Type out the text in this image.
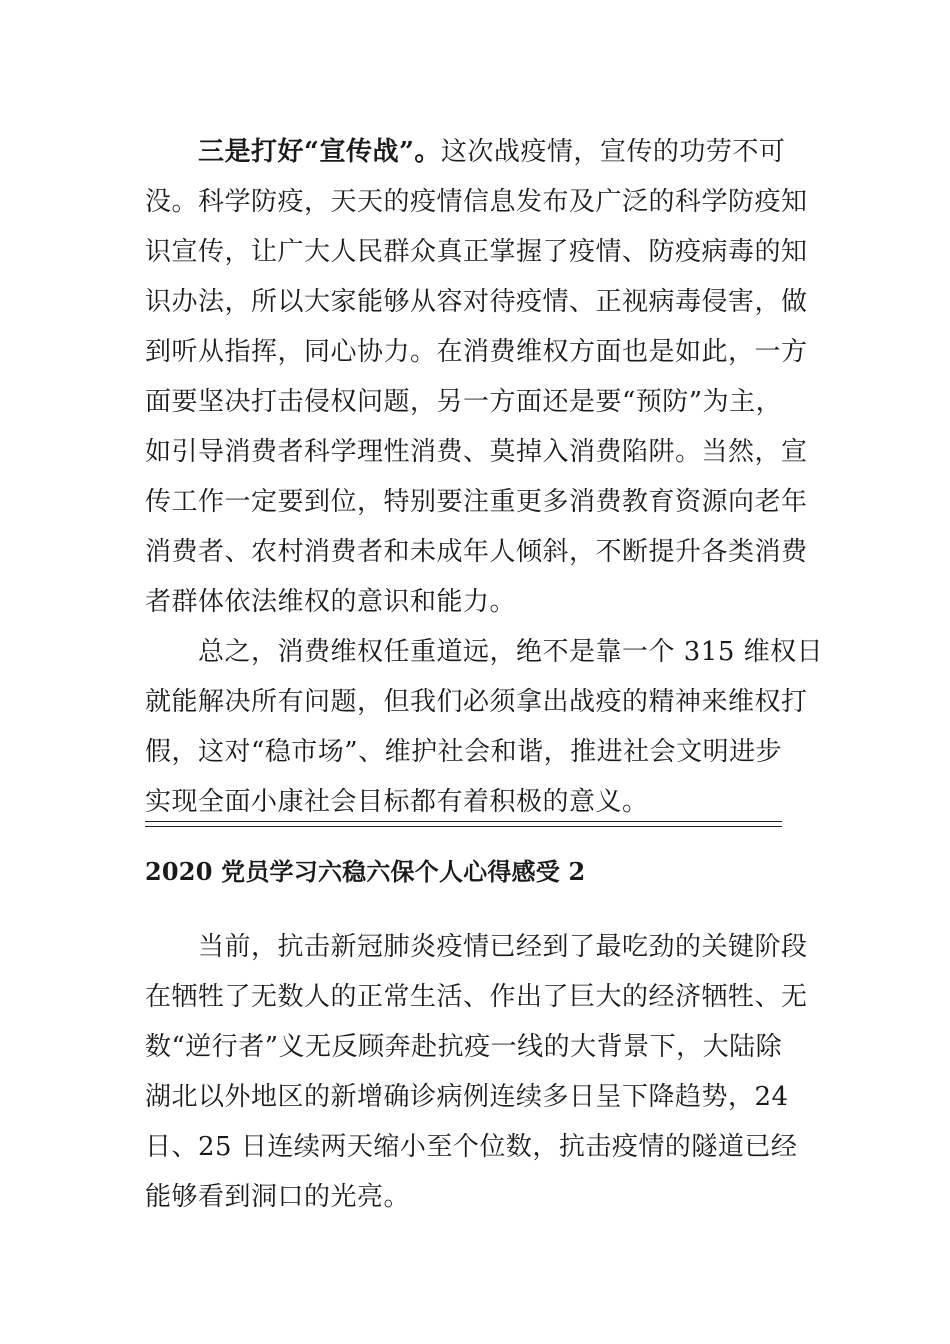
三是打好“宣传战”。这次战疫情，宣传的功劳不可
没。科学防疫，天天的疫情信息发布及广泛的科学防疫知
识宣传，让广大人民群众真正掌握了疫情、防疫病毒的知
识办法，所以大家能够从容对待疫情、正视病毒侵害，做
到听从指挥，同心协力。在消费维权方面也是如此，一方
面要坚决打击侵权问题，另一方面还是要“预防”为主，
如引导消费者科学理性消费、莫掉入消费陷阱。当然，宣
传工作一定要到位，特别要注重更多消费教育资源向老年
消费者、农村消费者和未成年人倾斜，不断提升各类消费
者群体依法维权的意识和能力。
总之，消费维权任重道远，绝不是靠一个 315 维权日
就能解决所有问题，但我们必须拿出战疫的精神来维权打
假，这对“稳市场”、维护社会和谐，推进社会文明进步
实现全面小康社会目标都有着积极的意义。
2020 党员学习六稳六保个人心得感受 2
当前，抗击新冠肺炎疫情已经到了最吃劲的关键阶段
在牺牲了无数人的正常生活、作出了巨大的经济牺牲、无
数“逆行者”义无反顾奔赴抗疫一线的大背景下，大陆除
湖北以外地区的新增确诊病例连续多日呈下降趋势，24
日、25 日连续两天缩小至个位数，抗击疫情的隧道已经
能够看到洞口的光亮。
